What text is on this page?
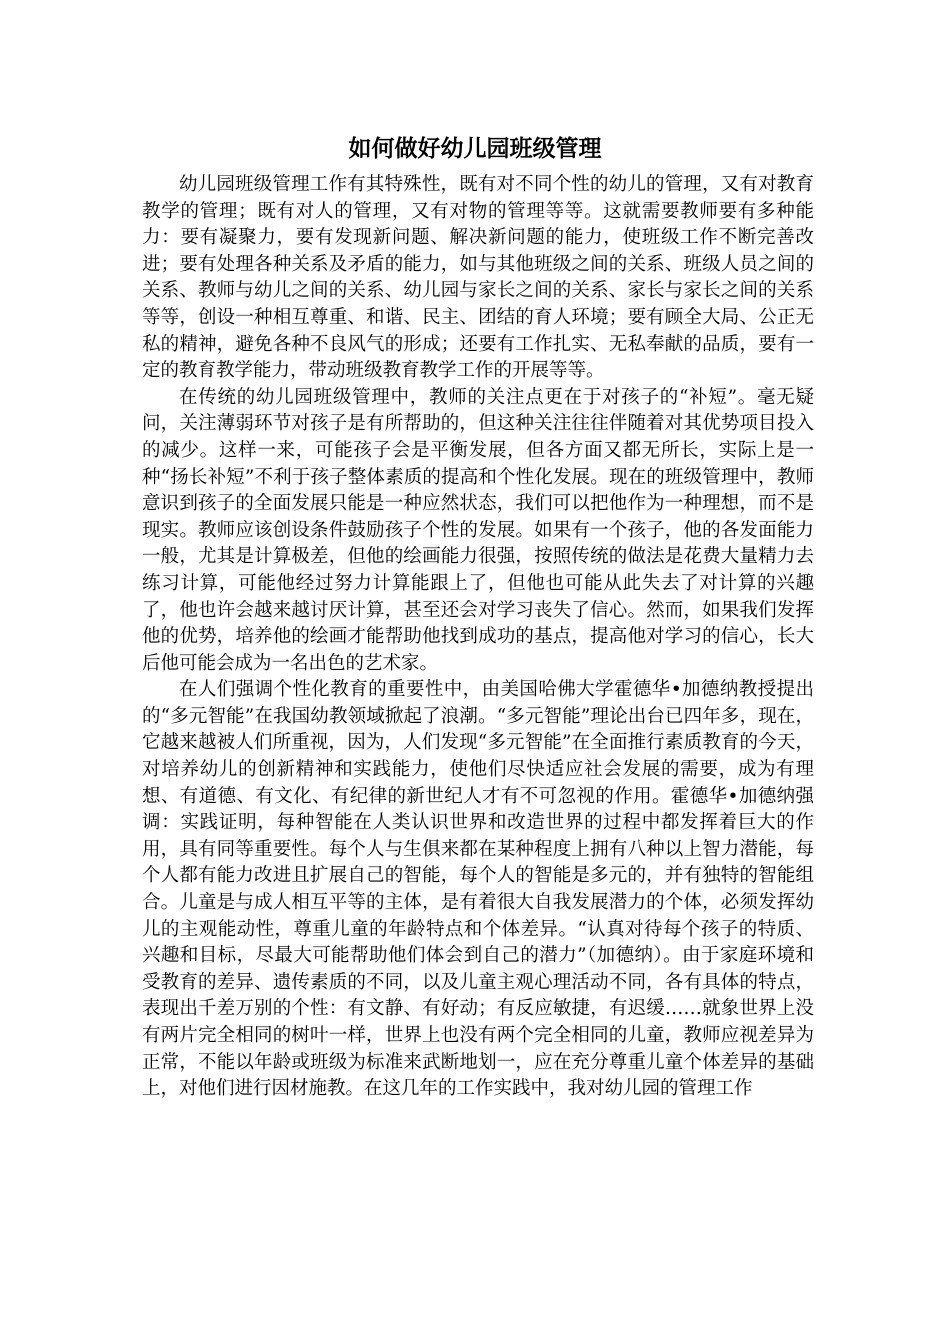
如何做好幼儿园班级管理

幼儿园班级管理工作有其特殊性，既有对不同个性的幼儿的管理，又有对教育教学的管理；既有对人的管理，又有对物的管理等等。这就需要教师要有多种能力：要有凝聚力，要有发现新问题、解决新问题的能力，使班级工作不断完善改进；要有处理各种关系及矛盾的能力，如与其他班级之间的关系、班级人员之间的关系、教师与幼儿之间的关系、幼儿园与家长之间的关系、家长与家长之间的关系等等，创设一种相互尊重、和谐、民主、团结的育人环境；要有顾全大局、公正无私的精神，避免各种不良风气的形成；还要有工作扎实、无私奉献的品质，要有一定的教育教学能力，带动班级教育教学工作的开展等等。

在传统的幼儿园班级管理中，教师的关注点更在于对孩子的“补短”。毫无疑问，关注薄弱环节对孩子是有所帮助的，但这种关注往往伴随着对其优势项目投入的减少。这样一来，可能孩子会是平衡发展，但各方面又都无所长，实际上是一种“扬长补短”不利于孩子整体素质的提高和个性化发展。现在的班级管理中，教师意识到孩子的全面发展只能是一种应然状态，我们可以把他作为一种理想，而不是现实。教师应该创设条件鼓励孩子个性的发展。如果有一个孩子，他的各发面能力一般，尤其是计算极差，但他的绘画能力很强，按照传统的做法是花费大量精力去练习计算，可能他经过努力计算能跟上了，但他也可能从此失去了对计算的兴趣了，他也许会越来越讨厌计算，甚至还会对学习丧失了信心。然而，如果我们发挥他的优势，培养他的绘画才能帮助他找到成功的基点，提高他对学习的信心，长大后他可能会成为一名出色的艺术家。

在人们强调个性化教育的重要性中，由美国哈佛大学霍德华•加德纳教授提出的“多元智能”在我国幼教领域掀起了浪潮。“多元智能”理论出台已四年多，现在，它越来越被人们所重视，因为，人们发现“多元智能”在全面推行素质教育的今天，对培养幼儿的创新精神和实践能力，使他们尽快适应社会发展的需要，成为有理想、有道德、有文化、有纪律的新世纪人才有不可忽视的作用。霍德华•加德纳强调：实践证明，每种智能在人类认识世界和改造世界的过程中都发挥着巨大的作用，具有同等重要性。每个人与生俱来都在某种程度上拥有八种以上智力潜能，每个人都有能力改进且扩展自己的智能，每个人的智能是多元的，并有独特的智能组合。儿童是与成人相互平等的主体，是有着很大自我发展潜力的个体，必须发挥幼儿的主观能动性，尊重儿童的年龄特点和个体差异。“认真对待每个孩子的特质、兴趣和目标，尽最大可能帮助他们体会到自己的潜力”（加德纳）。由于家庭环境和受教育的差异、遗传素质的不同，以及儿童主观心理活动不同，各有具体的特点，表现出千差万别的个性：有文静、有好动；有反应敏捷，有迟缓……就象世界上没有两片完全相同的树叶一样，世界上也没有两个完全相同的儿童，教师应视差异为正常，不能以年龄或班级为标准来武断地划一，应在充分尊重儿童个体差异的基础上，对他们进行因材施教。在这几年的工作实践中，我对幼儿园的管理工作
